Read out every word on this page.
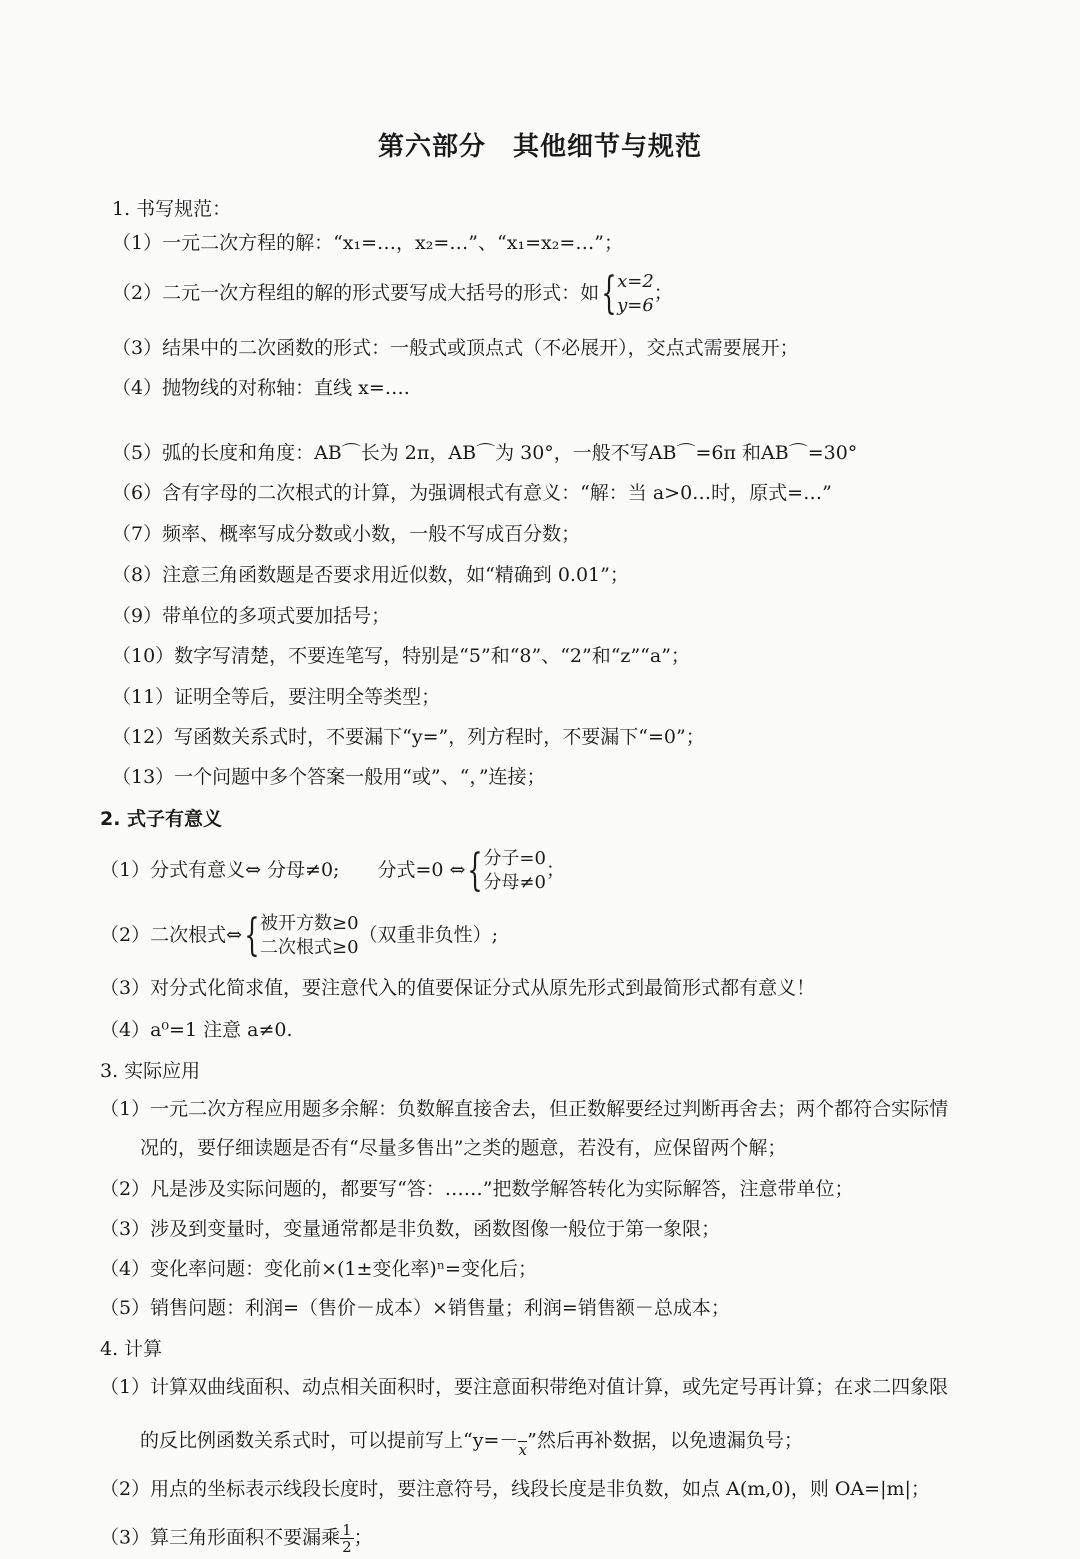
第六部分　其他细节与规范
1. 书写规范：
（1）一元二次方程的解：“x₁=…，x₂=…”、“x₁=x₂=…”；
（2）二元一次方程组的解的形式要写成大括号的形式：如{ x=2
y=6
；
（3）结果中的二次函数的形式：一般式或顶点式（不必展开），交点式需要展开；
（4）抛物线的对称轴：直线 x=….
（5）弧的长度和角度：AB⌒长为 2π，AB⌒为 30°，一般不写AB⌒=6π 和AB⌒=30°
（6）含有字母的二次根式的计算，为强调根式有意义：“解：当 a>0…时，原式=…”
（7）频率、概率写成分数或小数，一般不写成百分数；
（8）注意三角函数题是否要求用近似数，如“精确到 0.01”；
（9）带单位的多项式要加括号；
（10）数字写清楚，不要连笔写，特别是“5”和“8”、“2”和“z”“a”；
（11）证明全等后，要注明全等类型；
（12）写函数关系式时，不要漏下“y=”，列方程时，不要漏下“=0”；
（13）一个问题中多个答案一般用“或”、“，”连接；
2. 式子有意义
（1）分式有意义⇔ 分母≠0;　　分式=0 ⇔{ 分子=0
分母≠0
；
（2）二次根式⇔{ 被开方数≥0
二次根式≥0
（双重非负性）;
（3）对分式化简求值，要注意代入的值要保证分式从原先形式到最简形式都有意义！
（4）a⁰=1 注意 a≠0.
3. 实际应用
（1）一元二次方程应用题多余解：负数解直接舍去，但正数解要经过判断再舍去；两个都符合实际情
况的，要仔细读题是否有“尽量多售出”之类的题意，若没有，应保留两个解；
（2）凡是涉及实际问题的，都要写“答：……”把数学解答转化为实际解答，注意带单位；
（3）涉及到变量时，变量通常都是非负数，函数图像一般位于第一象限；
（4）变化率问题：变化前×(1±变化率)ⁿ=变化后；
（5）销售问题：利润=（售价－成本）×销售量；利润=销售额－总成本；
4. 计算
（1）计算双曲线面积、动点相关面积时，要注意面积带绝对值计算，或先定号再计算；在求二四象限
的反比例函数关系式时，可以提前写上“y=－
x ”然后再补数据，以免遗漏负号；
（2）用点的坐标表示线段长度时，要注意符号，线段长度是非负数，如点 A(m,0)，则 OA=|m|；
（3）算三角形面积不要漏乘 $\frac{1}{2}$ ；
